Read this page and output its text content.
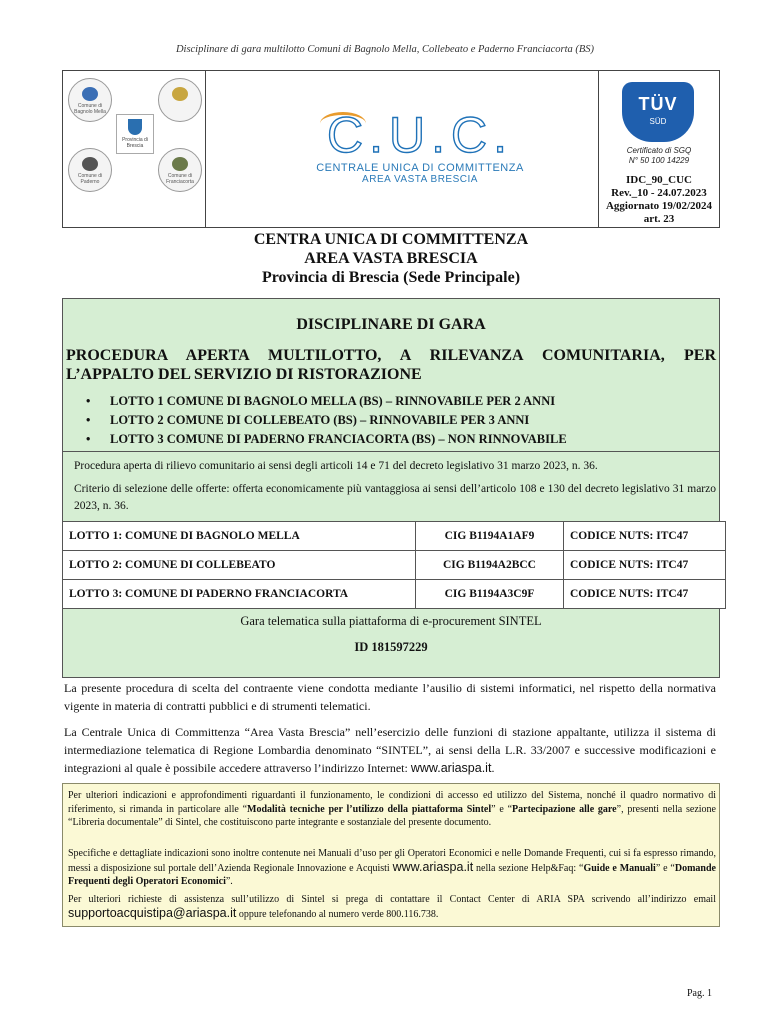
Disciplinare di gara multilotto Comuni di Bagnolo Mella, Collebeato e Paderno Franciacorta (BS)
Comune di Bagnolo Mella
Provincia di Brescia
Comune di Paderno
Comune di Franciacorta
C.U.C.
CENTRALE UNICA DI COMMITTENZA
AREA VASTA BRESCIA
TÜV
SÜD
Certificato di SGQ
N° 50 100 14229
IDC_90_CUC
Rev._10 - 24.07.2023
Aggiornato 19/02/2024
art. 23
CENTRA UNICA DI COMMITTENZA
AREA VASTA BRESCIA
Provincia di Brescia (Sede Principale)
DISCIPLINARE DI GARA
PROCEDURA APERTA MULTILOTTO, A RILEVANZA COMUNITARIA, PER L’APPALTO DEL SERVIZIO DI RISTORAZIONE
• LOTTO 1 COMUNE DI BAGNOLO MELLA (BS) – RINNOVABILE PER 2 ANNI
• LOTTO 2 COMUNE DI COLLEBEATO (BS) – RINNOVABILE PER 3 ANNI
• LOTTO 3 COMUNE DI PADERNO FRANCIACORTA (BS) – NON RINNOVABILE
Procedura aperta di rilievo comunitario ai sensi degli articoli 14 e 71 del decreto legislativo 31 marzo 2023, n. 36.
Criterio di selezione delle offerte: offerta economicamente più vantaggiosa ai sensi dell’articolo 108 e 130 del decreto legislativo 31 marzo 2023, n. 36.
LOTTO 1: COMUNE DI BAGNOLO MELLA	CIG B1194A1AF9	CODICE NUTS: ITC47
LOTTO 2: COMUNE DI COLLEBEATO	CIG B1194A2BCC	CODICE NUTS: ITC47
LOTTO 3: COMUNE DI PADERNO FRANCIACORTA	CIG B1194A3C9F	CODICE NUTS: ITC47
Gara telematica sulla piattaforma di e-procurement SINTEL
ID 181597229
La presente procedura di scelta del contraente viene condotta mediante l’ausilio di sistemi informatici, nel rispetto della normativa vigente in materia di contratti pubblici e di strumenti telematici.
La Centrale Unica di Committenza “Area Vasta Brescia” nell’esercizio delle funzioni di stazione appaltante, utilizza il sistema di intermediazione telematica di Regione Lombardia denominato “SINTEL”, ai sensi della L.R. 33/2007 e successive modificazioni e integrazioni al quale è possibile accedere attraverso l’indirizzo Internet: www.ariaspa.it.
Per ulteriori indicazioni e approfondimenti riguardanti il funzionamento, le condizioni di accesso ed utilizzo del Sistema, nonché il quadro normativo di riferimento, si rimanda in particolare alle “Modalità tecniche per l’utilizzo della piattaforma Sintel” e “Partecipazione alle gare”, presenti nella sezione “Libreria documentale” di Sintel, che costituiscono parte integrante e sostanziale del presente documento.
Specifiche e dettagliate indicazioni sono inoltre contenute nei Manuali d’uso per gli Operatori Economici e nelle Domande Frequenti, cui si fa espresso rimando, messi a disposizione sul portale dell’Azienda Regionale Innovazione e Acquisti www.ariaspa.it nella sezione Help&Faq: “Guide e Manuali” e “Domande Frequenti degli Operatori Economici”.
Per ulteriori richieste di assistenza sull’utilizzo di Sintel si prega di contattare il Contact Center di ARIA SPA scrivendo all’indirizzo email supportoacquistipa@ariaspa.it oppure telefonando al numero verde 800.116.738.
Pag. 1
